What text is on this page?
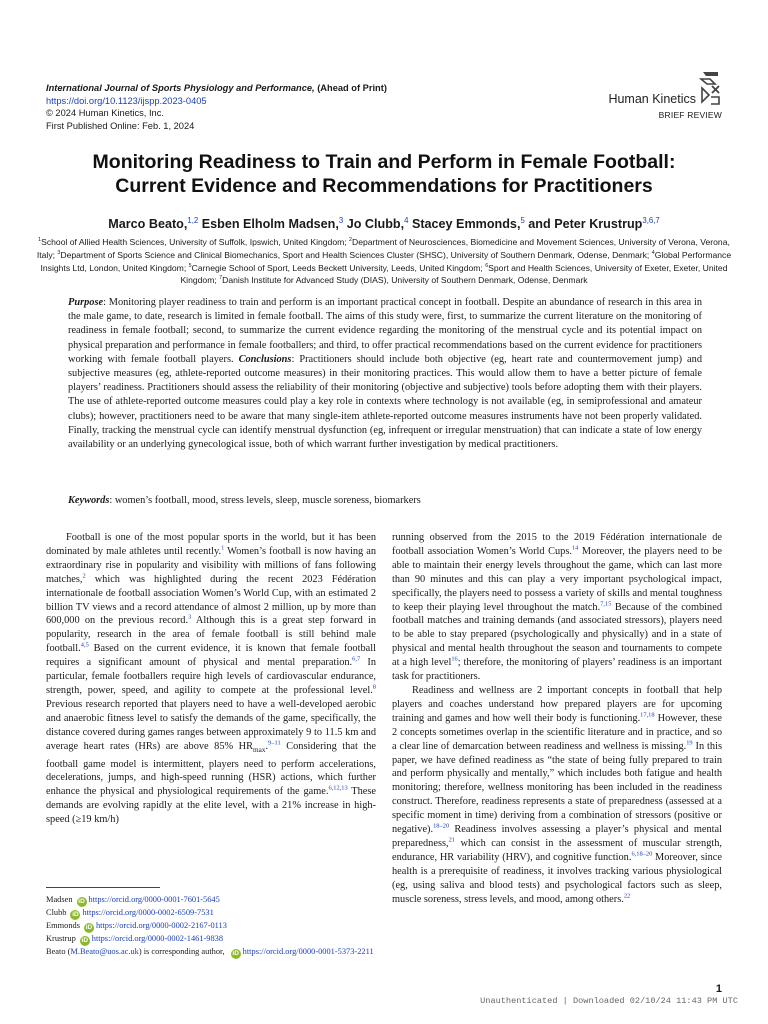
International Journal of Sports Physiology and Performance, (Ahead of Print)
https://doi.org/10.1123/ijspp.2023-0405
© 2024 Human Kinetics, Inc.
First Published Online: Feb. 1, 2024
Human Kinetics
BRIEF REVIEW
Monitoring Readiness to Train and Perform in Female Football:
Current Evidence and Recommendations for Practitioners
Marco Beato,$^{1,2}$ Esben Elholm Madsen,$^3$ Jo Clubb,$^4$ Stacey Emmonds,$^5$ and Peter Krustrup$^{3,6,7}$
$^1$School of Allied Health Sciences, University of Suffolk, Ipswich, United Kingdom; $^2$Department of Neurosciences, Biomedicine and Movement Sciences, University of Verona, Verona, Italy; $^3$Department of Sports Science and Clinical Biomechanics, Sport and Health Sciences Cluster (SHSC), University of Southern Denmark, Odense, Denmark; $^4$Global Performance Insights Ltd, London, United Kingdom; $^5$Carnegie School of Sport, Leeds Beckett University, Leeds, United Kingdom; $^6$Sport and Health Sciences, University of Exeter, Exeter, United Kingdom; $^7$Danish Institute for Advanced Study (DIAS), University of Southern Denmark, Odense, Denmark
Purpose: Monitoring player readiness to train and perform is an important practical concept in football. Despite an abundance of research in this area in the male game, to date, research is limited in female football. The aims of this study were, first, to summarize the current literature on the monitoring of readiness in female football; second, to summarize the current evidence regarding the monitoring of the menstrual cycle and its potential impact on physical preparation and performance in female footballers; and third, to offer practical recommendations based on the current evidence for practitioners working with female football players. Conclusions: Practitioners should include both objective (eg, heart rate and countermovement jump) and subjective measures (eg, athlete-reported outcome measures) in their monitoring practices. This would allow them to have a better picture of female players’ readiness. Practitioners should assess the reliability of their monitoring (objective and subjective) tools before adopting them with their players. The use of athlete-reported outcome measures could play a key role in contexts where technology is not available (eg, in semiprofessional and amateur clubs); however, practitioners need to be aware that many single-item athlete-reported outcome measures instruments have not been properly validated. Finally, tracking the menstrual cycle can identify menstrual dysfunction (eg, infrequent or irregular menstruation) that can indicate a state of low energy availability or an underlying gynecological issue, both of which warrant further investigation by medical practitioners.
Keywords: women’s football, mood, stress levels, sleep, muscle soreness, biomarkers

Football is one of the most popular sports in the world, but it has been dominated by male athletes until recently.$^1$ Women’s football is now having an extraordinary rise in popularity and visibility with millions of fans following matches,$^2$ which was highlighted during the recent 2023 Fédération internationale de football association Women’s World Cup, with an estimated 2 billion TV views and a record attendance of almost 2 million, up by more than 600,000 on the previous record.$^3$ Although this is a great step forward in popularity, research in the area of female football is still behind male football.$^{4,5}$ Based on the current evidence, it is known that female football requires a significant amount of physical and mental preparation.$^{6,7}$ In particular, female footballers require high levels of cardiovascular endurance, strength, power, speed, and agility to compete at the professional level.$^8$ Previous research reported that players need to have a well-developed aerobic and anaerobic fitness level to satisfy the demands of the game, specifically, the distance covered during games ranges between approximately 9 to 11.5 km and average heart rates (HRs) are above 85% $HR_{max}.^{9-11}$ Considering that the football game model is intermittent, players need to perform accelerations, decelerations, jumps, and high-speed running (HSR) actions, which further enhance the physical and physiological requirements of the game.$^{6,12,13}$ These demands are evolving rapidly at the elite level, with a 21% increase in high-speed (≥19 km/h)

running observed from the 2015 to the 2019 Fédération internationale de football association Women’s World Cups.$^{14}$ Moreover, the players need to be able to maintain their energy levels throughout the game, which can last more than 90 minutes and this can play a very important psychological impact, specifically, the players need to possess a variety of skills and mental toughness to keep their playing level throughout the match.$^{7,15}$ Because of the combined football matches and training demands (and associated stressors), players need to be able to stay prepared (psychologically and physically) and in a state of physical and mental health throughout the season and tournaments to compete at a high level$^{16}$; therefore, the monitoring of players’ readiness is an important task for practitioners.

Readiness and wellness are 2 important concepts in football that help players and coaches understand how prepared players are for upcoming training and games and how well their body is functioning.$^{17,18}$ However, these 2 concepts sometimes overlap in the scientific literature and in practice, and so a clear line of demarcation between readiness and wellness is missing.$^{19}$ In this paper, we have defined readiness as “the state of being fully prepared to train and perform physically and mentally,” which includes both fatigue and health monitoring; therefore, wellness monitoring has been included in the readiness construct. Therefore, readiness represents a state of preparedness (assessed at a specific moment in time) deriving from a combination of stressors (positive or negative).$^{18-20}$ Readiness involves assessing a player’s physical and mental preparedness,$^{21}$ which can consist in the assessment of muscular strength, endurance, HR variability (HRV), and cognitive function.$^{6,18-20}$ Moreover, since health is a prerequisite of readiness, it involves tracking various physiological (eg, using saliva and blood tests) and psychological factors such as sleep, muscle soreness, stress levels, and mood, among others.$^{22}$

Madsen iD https://orcid.org/0000-0001-7601-5645
Clubb iD https://orcid.org/0000-0002-6509-7531
Emmonds iD https://orcid.org/0000-0002-2167-0113
Krustrup iD https://orcid.org/0000-0002-1461-9838
Beato (M.Beato@uos.ac.uk) is corresponding author, iD https://orcid.org/0000-0001-5373-2211
1
Unauthenticated | Downloaded 02/10/24 11:43 PM UTC
